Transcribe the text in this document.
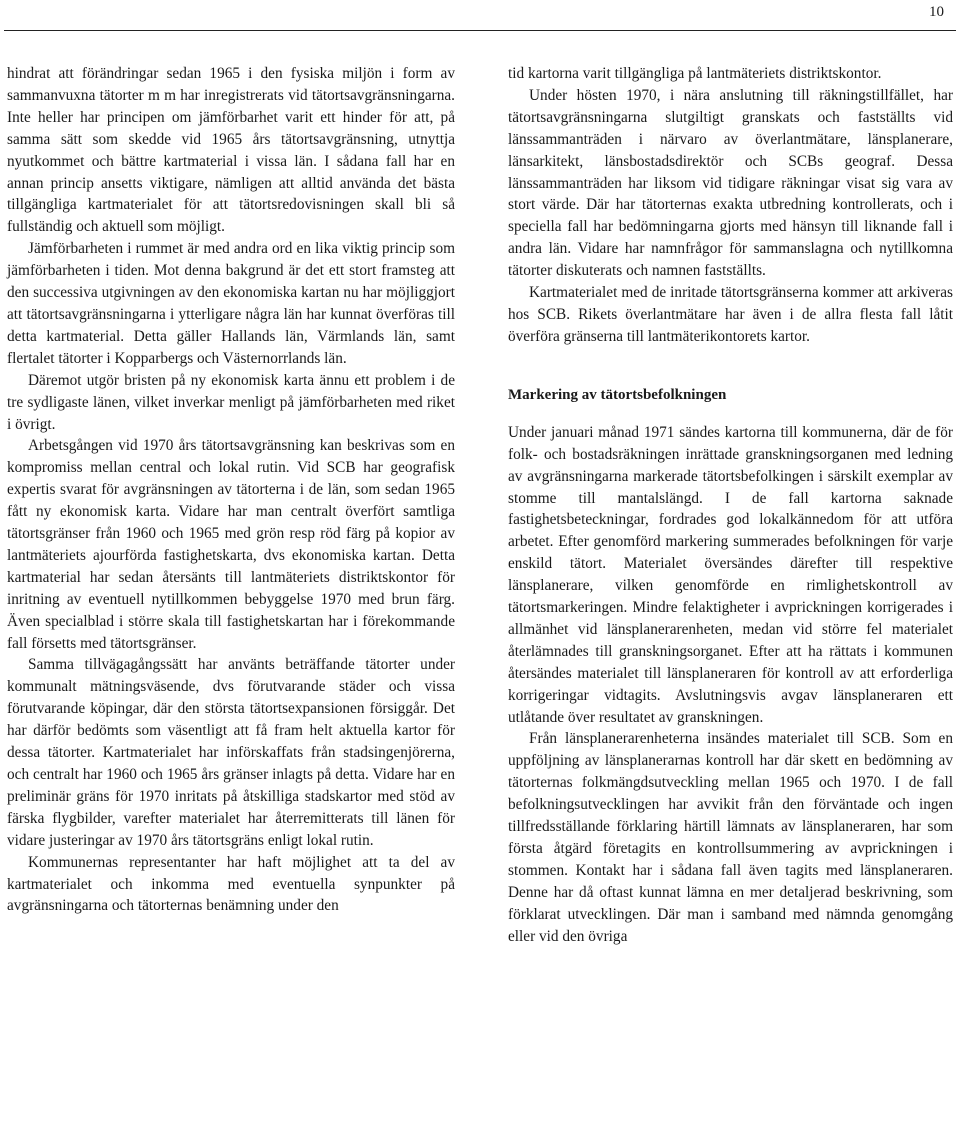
10

hindrat att förändringar sedan 1965 i den fysiska miljön i form av sammanvuxna tätorter m m har inregistrerats vid tätortsavgränsningarna. Inte heller har principen om jämförbarhet varit ett hinder för att, på samma sätt som skedde vid 1965 års tätortsavgränsning, utnyttja nyutkommet och bättre kartmaterial i vissa län. I sådana fall har en annan princip ansetts viktigare, nämligen att alltid använda det bästa tillgängliga kartmaterialet för att tätortsredovisningen skall bli så fullständig och aktuell som möjligt.

Jämförbarheten i rummet är med andra ord en lika viktig princip som jämförbarheten i tiden. Mot denna bakgrund är det ett stort framsteg att den successiva utgivningen av den ekonomiska kartan nu har möjliggjort att tätortsavgränsningarna i ytterligare några län har kunnat överföras till detta kartmaterial. Detta gäller Hallands län, Värmlands län, samt flertalet tätorter i Kopparbergs och Västernorrlands län.

Däremot utgör bristen på ny ekonomisk karta ännu ett problem i de tre sydligaste länen, vilket inverkar menligt på jämförbarheten med riket i övrigt.

Arbetsgången vid 1970 års tätortsavgränsning kan beskrivas som en kompromiss mellan central och lokal rutin. Vid SCB har geografisk expertis svarat för avgränsningen av tätorterna i de län, som sedan 1965 fått ny ekonomisk karta. Vidare har man centralt överfört samtliga tätortsgränser från 1960 och 1965 med grön resp röd färg på kopior av lantmäteriets ajourförda fastighetskarta, dvs ekonomiska kartan. Detta kartmaterial har sedan återsänts till lantmäteriets distriktskontor för inritning av eventuell nytillkommen bebyggelse 1970 med brun färg. Även specialblad i större skala till fastighetskartan har i förekommande fall försetts med tätortsgränser.

Samma tillvägagångssätt har använts beträffande tätorter under kommunalt mätningsväsende, dvs förutvarande städer och vissa förutvarande köpingar, där den största tätortsexpansionen försiggår. Det har därför bedömts som väsentligt att få fram helt aktuella kartor för dessa tätorter. Kartmaterialet har införskaffats från stadsingenjörerna, och centralt har 1960 och 1965 års gränser inlagts på detta. Vidare har en preliminär gräns för 1970 inritats på åtskilliga stadskartor med stöd av färska flygbilder, varefter materialet har återremitterats till länen för vidare justeringar av 1970 års tätortsgräns enligt lokal rutin.

Kommunernas representanter har haft möjlighet att ta del av kartmaterialet och inkomma med eventuella synpunkter på avgränsningarna och tätorternas benämning under den

tid kartorna varit tillgängliga på lantmäteriets distriktskontor.

Under hösten 1970, i nära anslutning till räkningstillfället, har tätortsavgränsningarna slutgiltigt granskats och fastställts vid länssammanträden i närvaro av överlantmätare, länsplanerare, länsarkitekt, länsbostadsdirektör och SCBs geograf. Dessa länssammanträden har liksom vid tidigare räkningar visat sig vara av stort värde. Där har tätorternas exakta utbredning kontrollerats, och i speciella fall har bedömningarna gjorts med hänsyn till liknande fall i andra län. Vidare har namnfrågor för sammanslagna och nytillkomna tätorter diskuterats och namnen fastställts.

Kartmaterialet med de inritade tätortsgränserna kommer att arkiveras hos SCB. Rikets överlantmätare har även i de allra flesta fall låtit överföra gränserna till lantmäterikontorets kartor.

Markering av tätortsbefolkningen

Under januari månad 1971 sändes kartorna till kommunerna, där de för folk- och bostadsräkningen inrättade granskningsorganen med ledning av avgränsningarna markerade tätortsbefolkingen i särskilt exemplar av stomme till mantalslängd. I de fall kartorna saknade fastighetsbeteckningar, fordrades god lokalkännedom för att utföra arbetet. Efter genomförd markering summerades befolkningen för varje enskild tätort. Materialet översändes därefter till respektive länsplanerare, vilken genomförde en rimlighetskontroll av tätortsmarkeringen. Mindre felaktigheter i avprickningen korrigerades i allmänhet vid länsplanerarenheten, medan vid större fel materialet återlämnades till granskningsorganet. Efter att ha rättats i kommunen återsändes materialet till länsplaneraren för kontroll av att erforderliga korrigeringar vidtagits. Avslutningsvis avgav länsplaneraren ett utlåtande över resultatet av granskningen.

Från länsplanerarenheterna insändes materialet till SCB. Som en uppföljning av länsplanerarnas kontroll har där skett en bedömning av tätorternas folkmängdsutveckling mellan 1965 och 1970. I de fall befolkningsutvecklingen har avvikit från den förväntade och ingen tillfredsställande förklaring härtill lämnats av länsplaneraren, har som första åtgärd företagits en kontrollsummering av avprickningen i stommen. Kontakt har i sådana fall även tagits med länsplaneraren. Denne har då oftast kunnat lämna en mer detaljerad beskrivning, som förklarat utvecklingen. Där man i samband med nämnda genomgång eller vid den övriga
